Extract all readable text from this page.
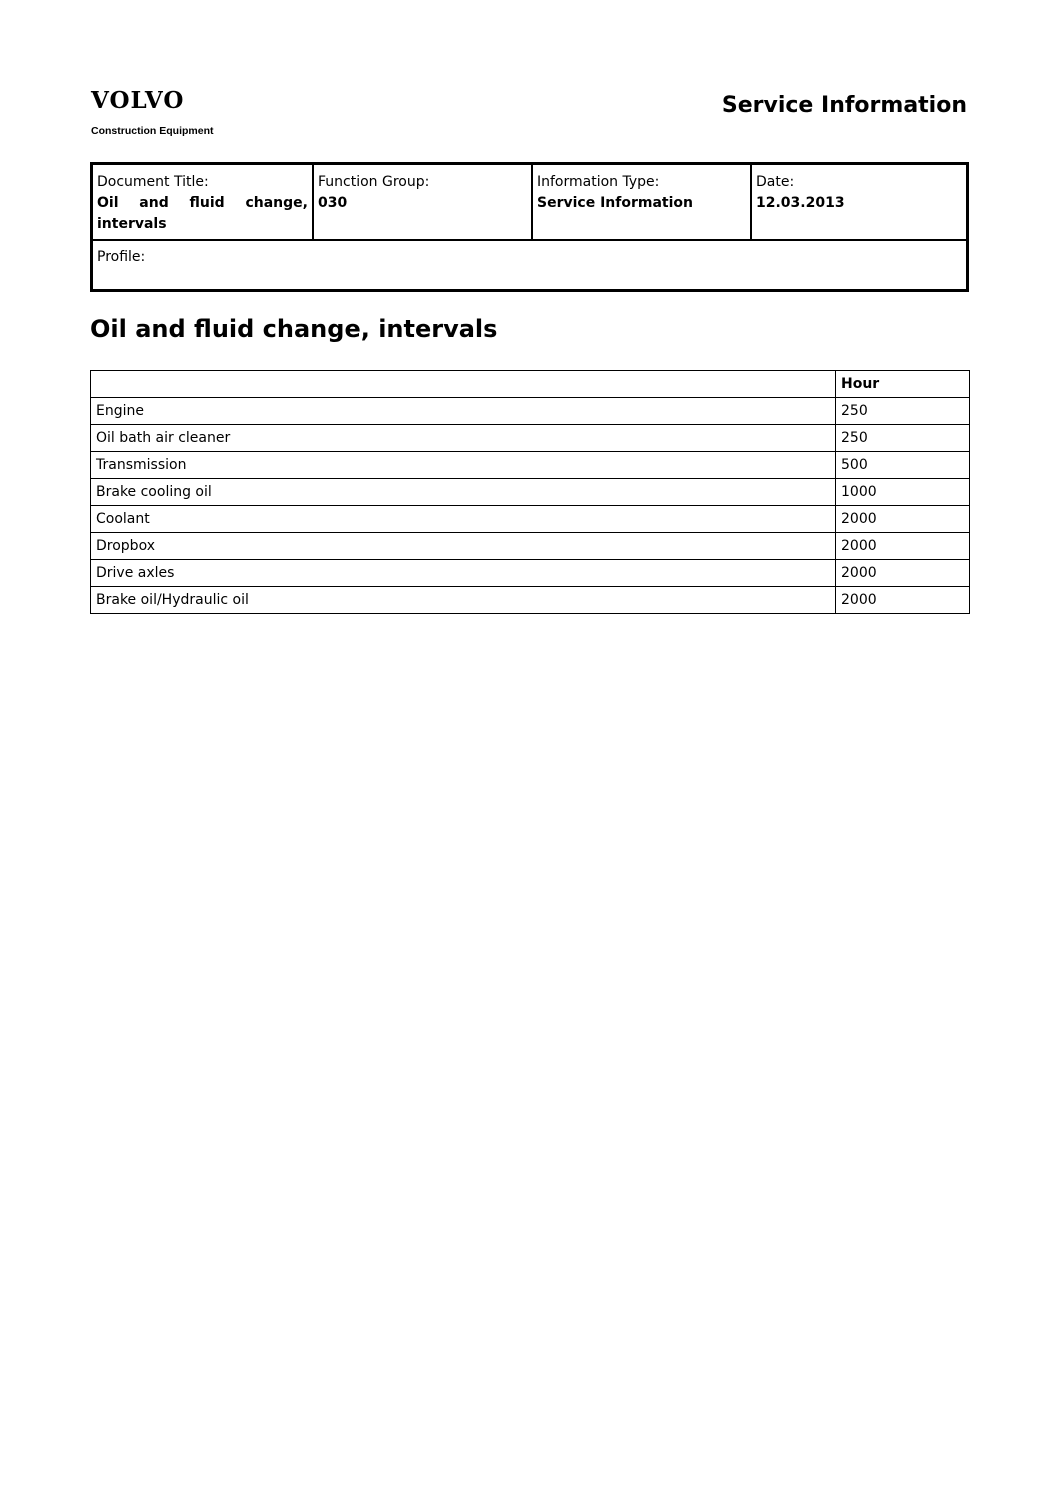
VOLVO
Construction Equipment
Service Information
Document Title:
Oil and fluid change, intervals
Function Group:
030
Information Type:
Service Information
Date:
12.03.2013
Profile:
Oil and fluid change, intervals
	Hour
Engine	250
Oil bath air cleaner	250
Transmission	500
Brake cooling oil	1000
Coolant	2000
Dropbox	2000
Drive axles	2000
Brake oil/Hydraulic oil	2000
